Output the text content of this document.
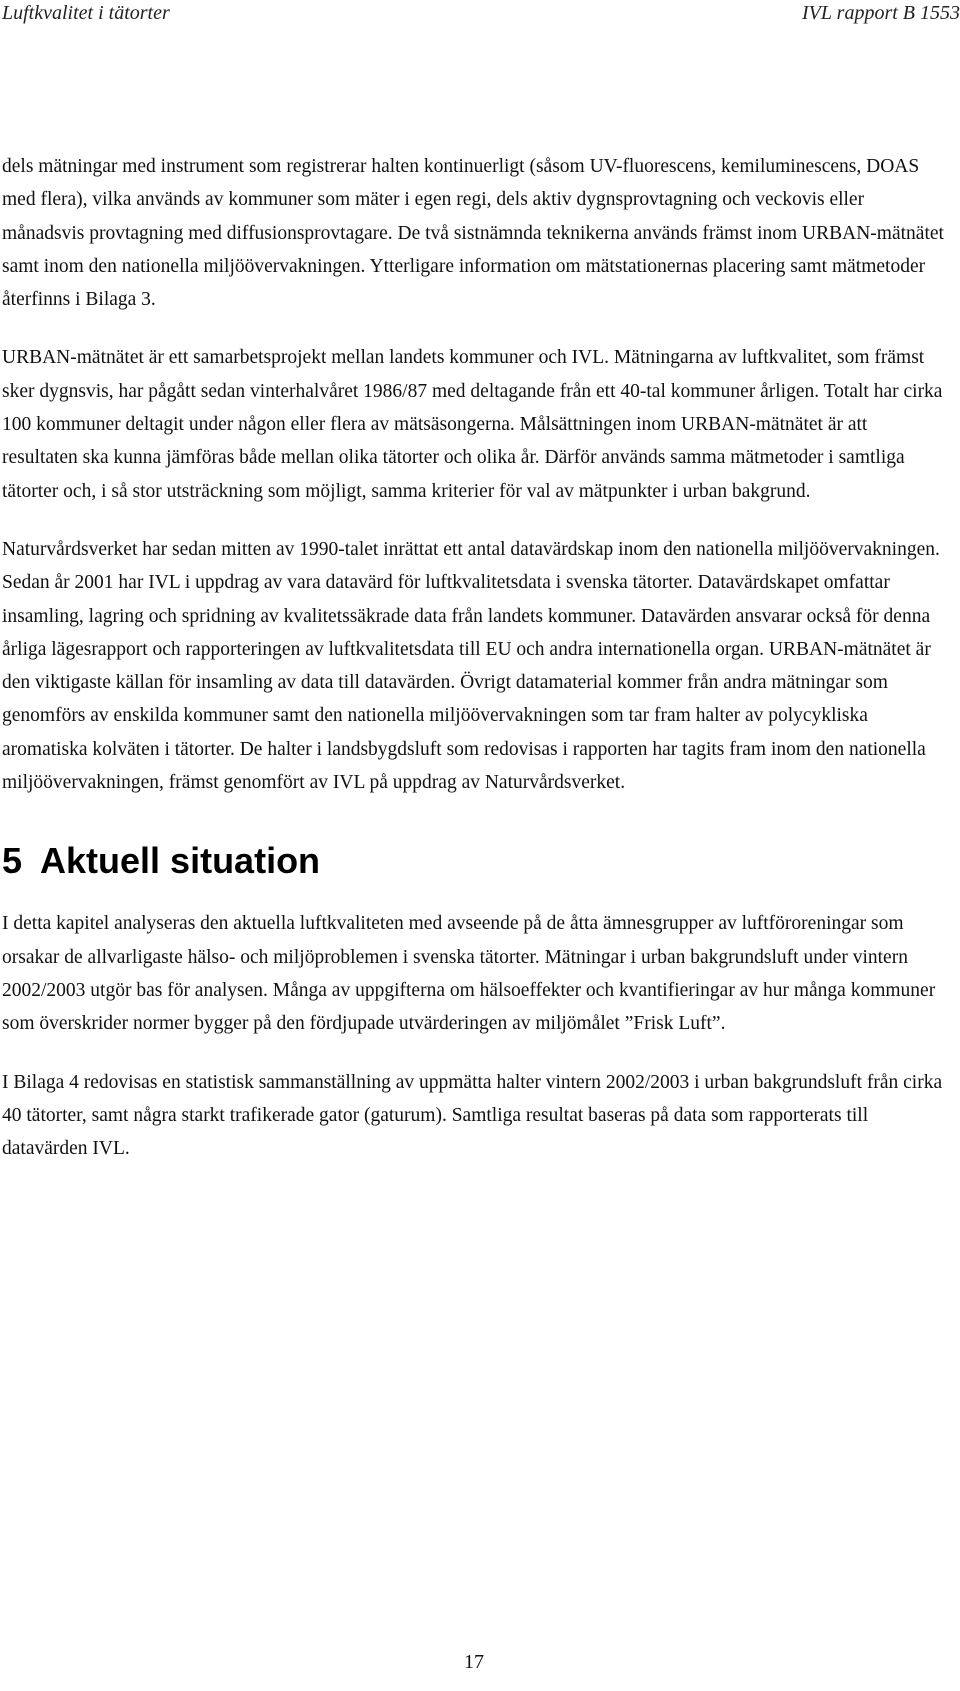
Luftkvalitet i tätorter	IVL rapport B 1553

dels mätningar med instrument som registrerar halten kontinuerligt (såsom UV-fluorescens, kemiluminescens, DOAS med flera), vilka används av kommuner som mäter i egen regi, dels aktiv dygnsprovtagning och veckovis eller månadsvis provtagning med diffusionsprovtagare. De två sistnämnda teknikerna används främst inom URBAN-mätnätet samt inom den nationella miljöövervakningen. Ytterligare information om mätstationernas placering samt mätmetoder återfinns i Bilaga 3.

URBAN-mätnätet är ett samarbetsprojekt mellan landets kommuner och IVL. Mätningarna av luftkvalitet, som främst sker dygnsvis, har pågått sedan vinterhalvåret 1986/87 med deltagande från ett 40-tal kommuner årligen. Totalt har cirka 100 kommuner deltagit under någon eller flera av mätsäsongerna. Målsättningen inom URBAN-mätnätet är att resultaten ska kunna jämföras både mellan olika tätorter och olika år. Därför används samma mätmetoder i samtliga tätorter och, i så stor utsträckning som möjligt, samma kriterier för val av mätpunkter i urban bakgrund.

Naturvårdsverket har sedan mitten av 1990-talet inrättat ett antal datavärdskap inom den nationella miljöövervakningen. Sedan år 2001 har IVL i uppdrag av vara datavärd för luftkvalitetsdata i svenska tätorter. Datavärdskapet omfattar insamling, lagring och spridning av kvalitetssäkrade data från landets kommuner. Datavärden ansvarar också för denna årliga lägesrapport och rapporteringen av luftkvalitetsdata till EU och andra internationella organ. URBAN-mätnätet är den viktigaste källan för insamling av data till datavärden. Övrigt datamaterial kommer från andra mätningar som genomförs av enskilda kommuner samt den nationella miljöövervakningen som tar fram halter av polycykliska aromatiska kolväten i tätorter. De halter i landsbygdsluft som redovisas i rapporten har tagits fram inom den nationella miljöövervakningen, främst genomfört av IVL på uppdrag av Naturvårdsverket.

5 Aktuell situation

I detta kapitel analyseras den aktuella luftkvaliteten med avseende på de åtta ämnesgrupper av luftföroreningar som orsakar de allvarligaste hälso- och miljöproblemen i svenska tätorter. Mätningar i urban bakgrundsluft under vintern 2002/2003 utgör bas för analysen. Många av uppgifterna om hälsoeffekter och kvantifieringar av hur många kommuner som överskrider normer bygger på den fördjupade utvärderingen av miljömålet ”Frisk Luft”.

I Bilaga 4 redovisas en statistisk sammanställning av uppmätta halter vintern 2002/2003 i urban bakgrundsluft från cirka 40 tätorter, samt några starkt trafikerade gator (gaturum). Samtliga resultat baseras på data som rapporterats till datavärden IVL.

17
